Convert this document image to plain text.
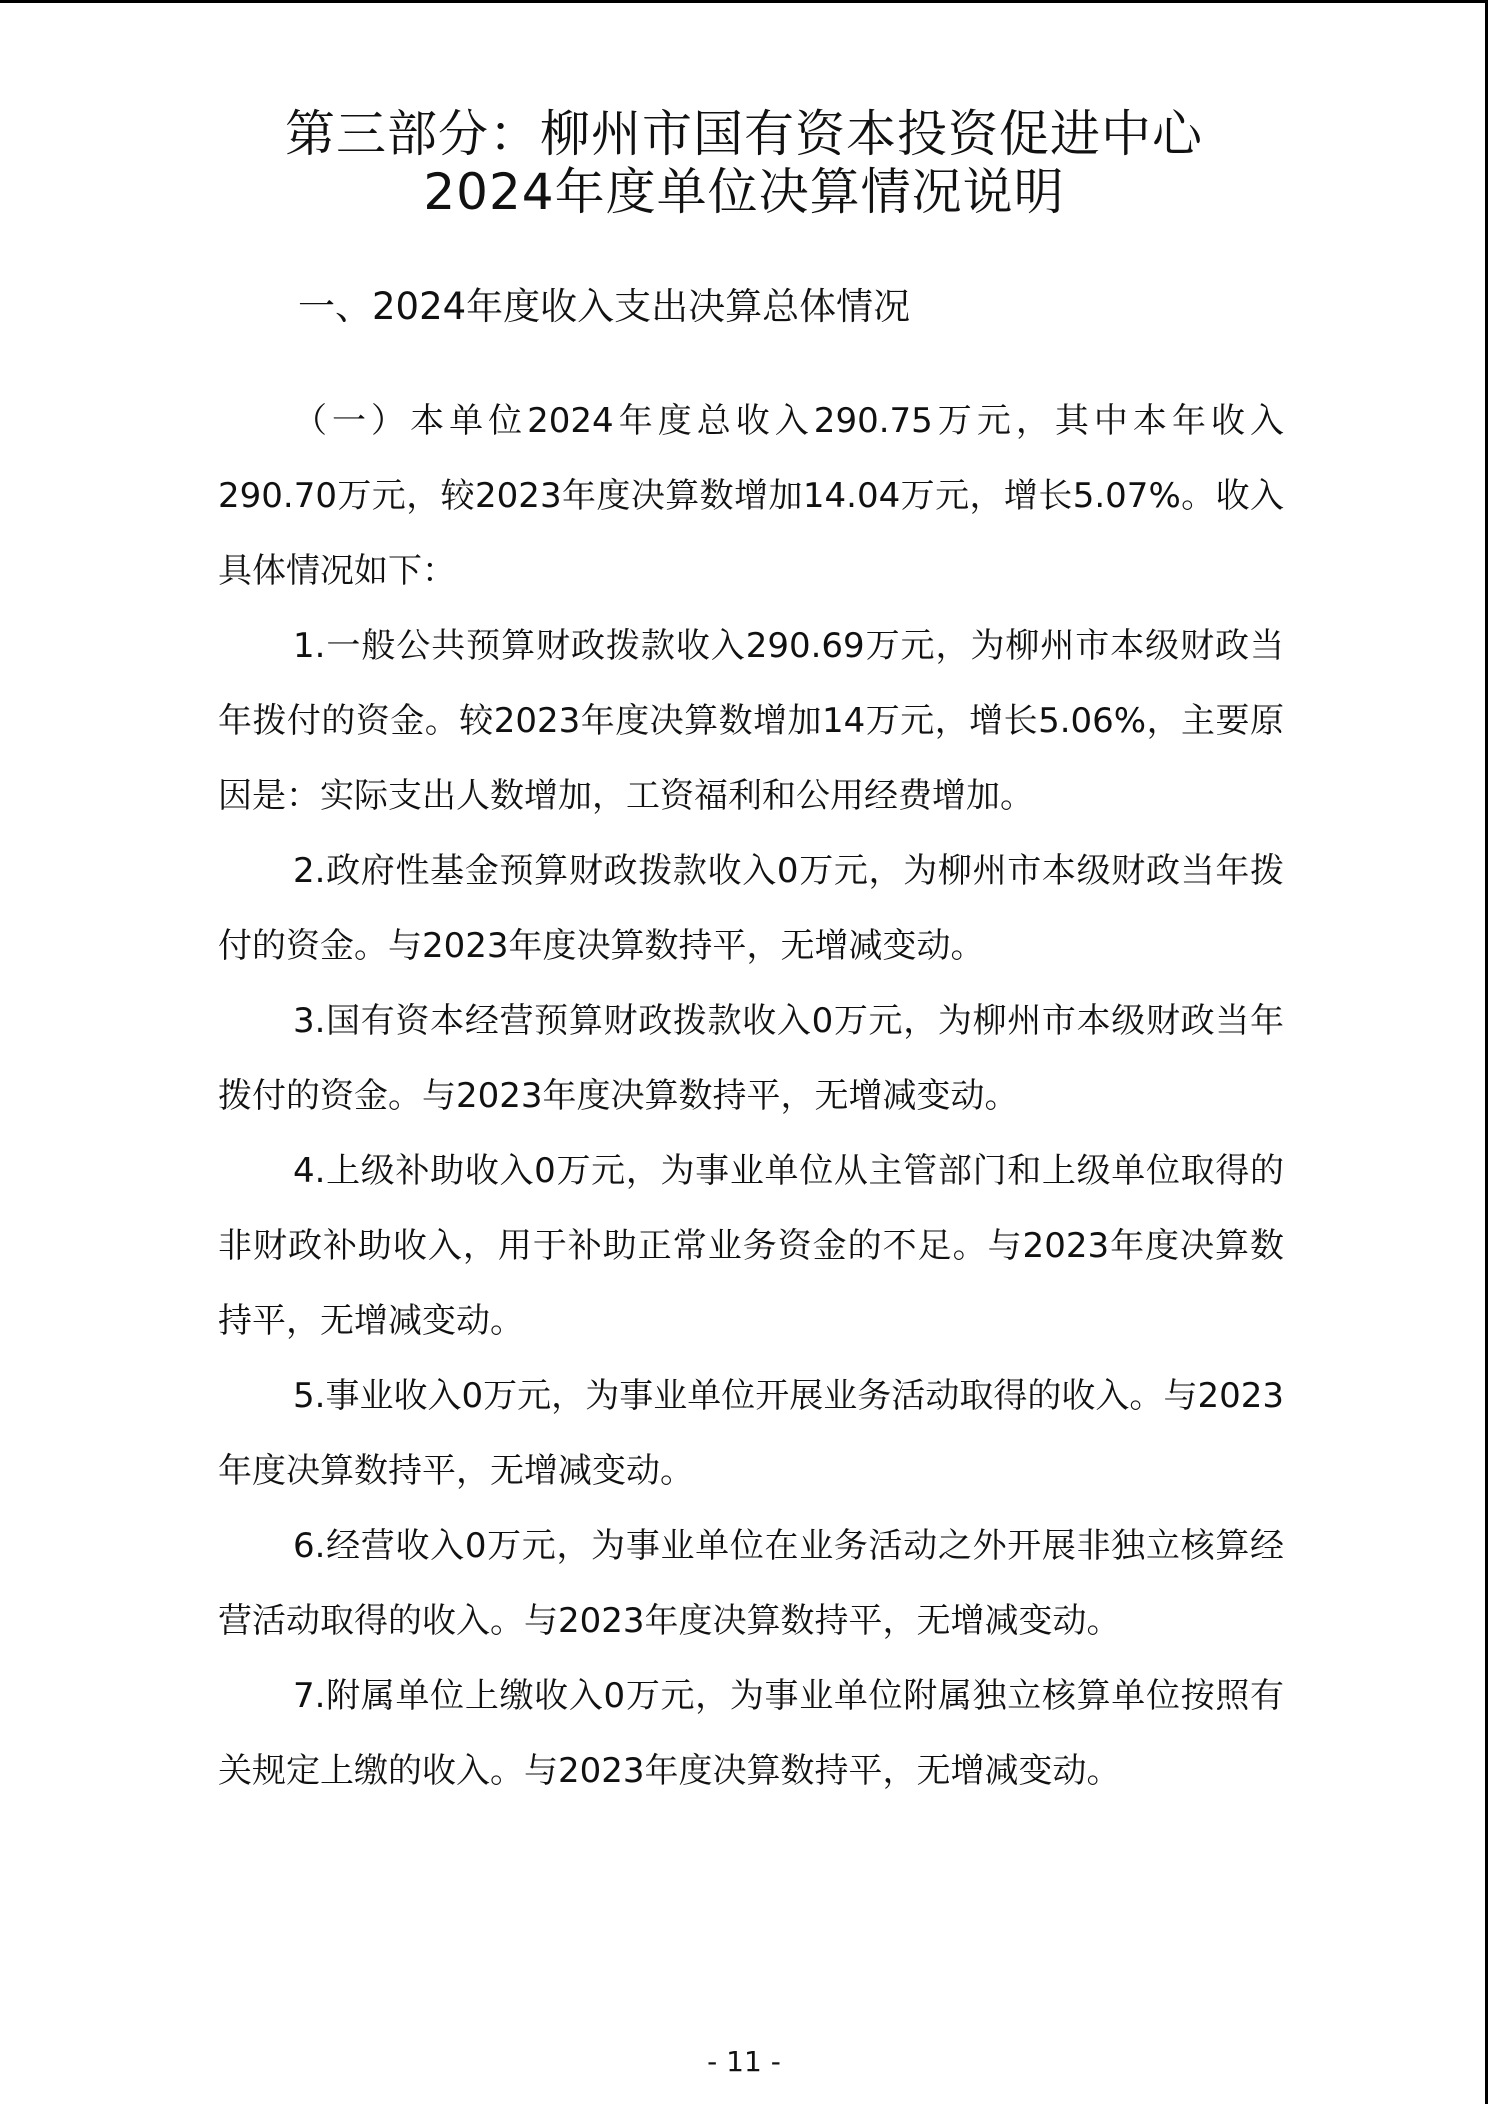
第三部分：柳州市国有资本投资促进中心
2024年度单位决算情况说明
一、2024年度收入支出决算总体情况

（一）本单位2024年度总收入290.75万元，其中本年收入290.70万元，较2023年度决算数增加14.04万元，增长5.07%。收入具体情况如下：

1.一般公共预算财政拨款收入290.69万元，为柳州市本级财政当年拨付的资金。较2023年度决算数增加14万元，增长5.06%，主要原因是：实际支出人数增加，工资福利和公用经费增加。

2.政府性基金预算财政拨款收入0万元，为柳州市本级财政当年拨付的资金。与2023年度决算数持平，无增减变动。

3.国有资本经营预算财政拨款收入0万元，为柳州市本级财政当年拨付的资金。与2023年度决算数持平，无增减变动。

4.上级补助收入0万元，为事业单位从主管部门和上级单位取得的非财政补助收入，用于补助正常业务资金的不足。与2023年度决算数持平，无增减变动。

5.事业收入0万元，为事业单位开展业务活动取得的收入。与2023年度决算数持平，无增减变动。

6.经营收入0万元，为事业单位在业务活动之外开展非独立核算经营活动取得的收入。与2023年度决算数持平，无增减变动。

7.附属单位上缴收入0万元，为事业单位附属独立核算单位按照有关规定上缴的收入。与2023年度决算数持平，无增减变动。

- 11 -
